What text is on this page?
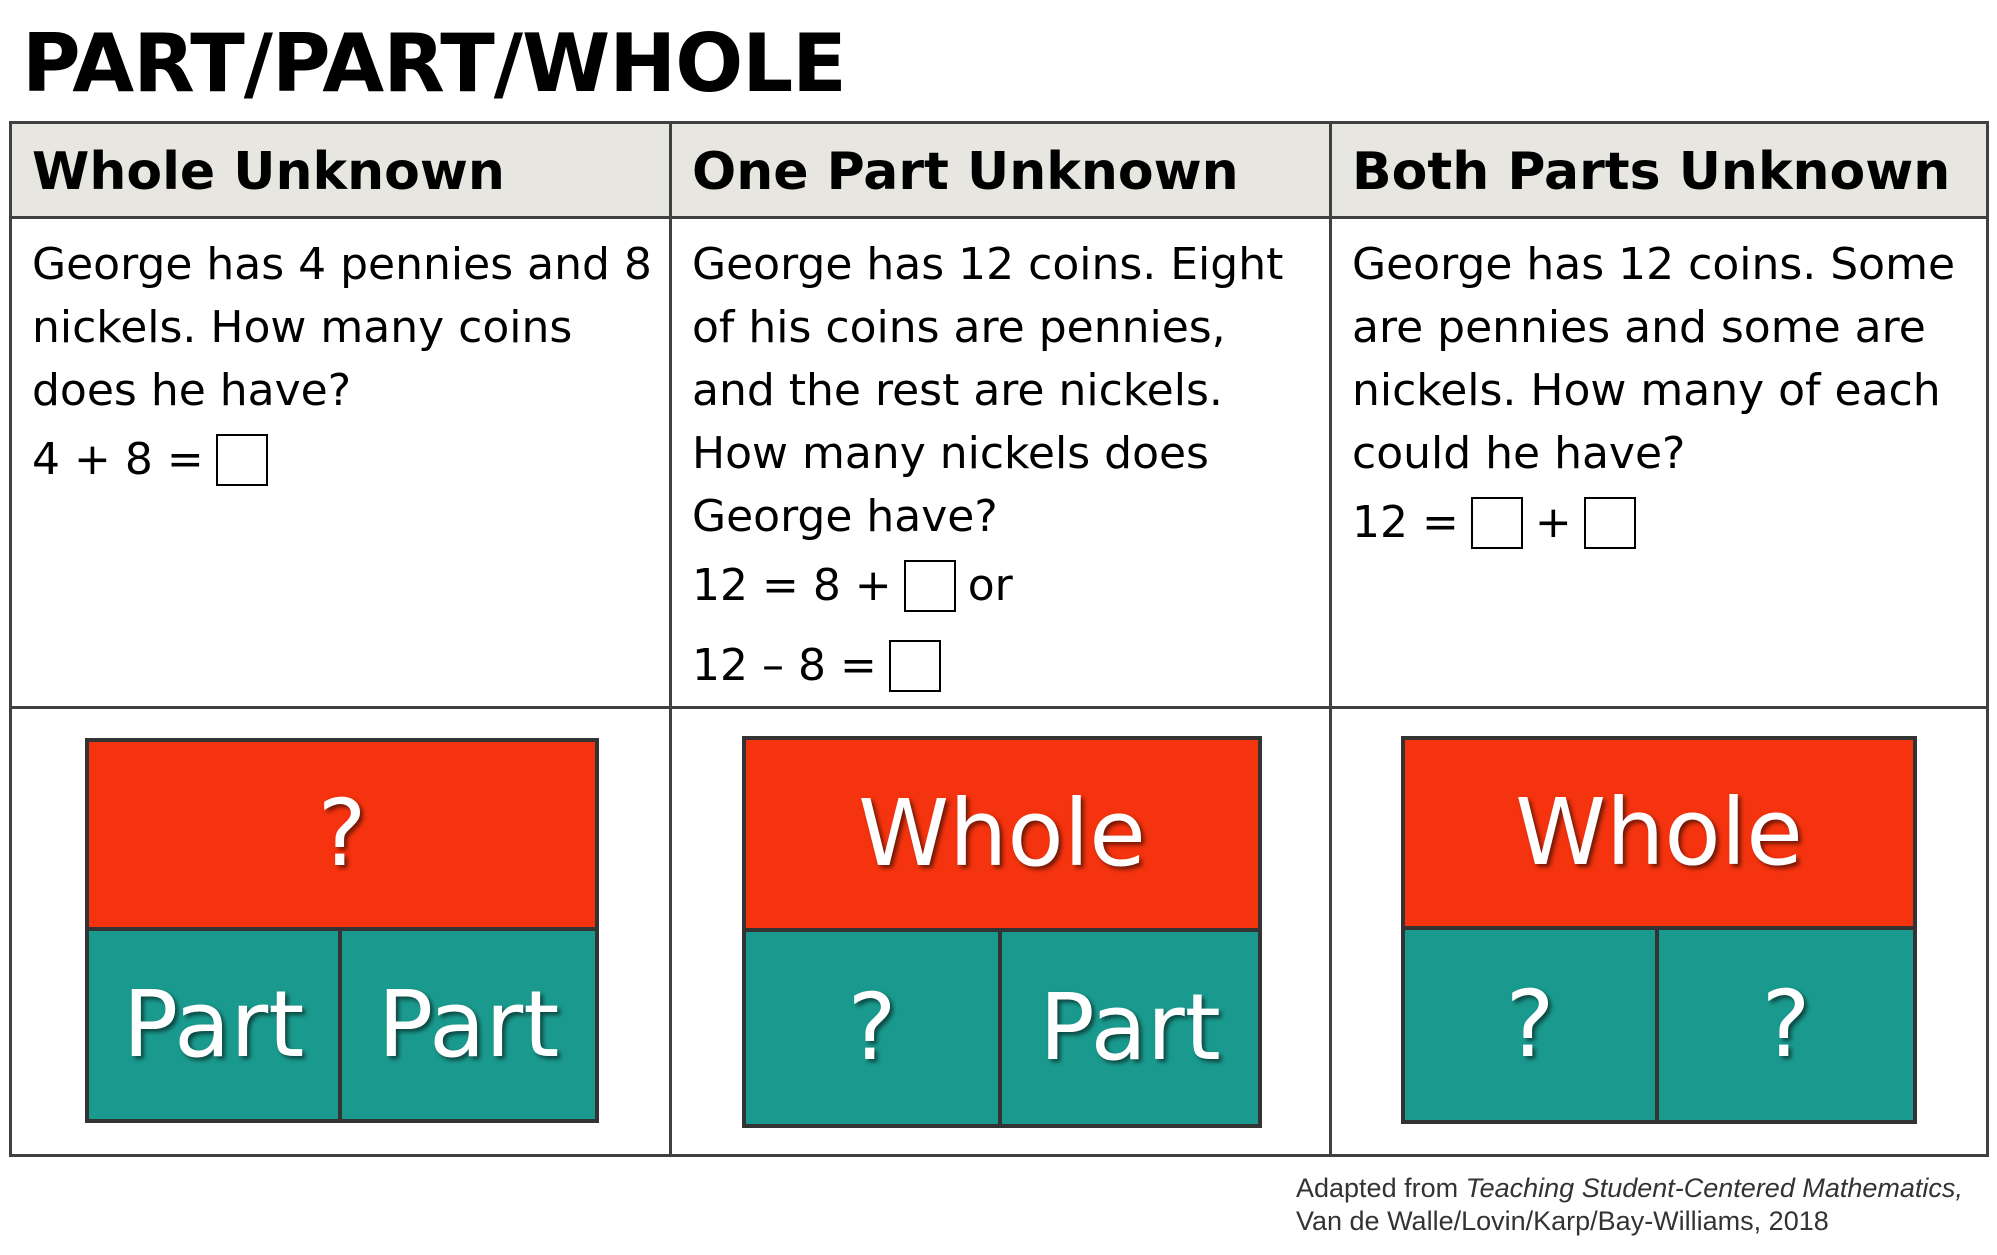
PART/PART/WHOLE
Whole Unknown	One Part Unknown	Both Parts Unknown
George has 4 pennies and 8 nickels. How many coins does he have?
4 + 8 =
George has 12 coins. Eight of his coins are pennies, and the rest are nickels. How many nickels does George have?
12 = 8 + or
12 – 8 =
George has 12 coins. Some are pennies and some are nickels. How many of each could he have?
12 = +
?
Part Part
Whole
? Part
Whole
? ?
Adapted from Teaching Student-Centered Mathematics,
Van de Walle/Lovin/Karp/Bay-Williams, 2018
